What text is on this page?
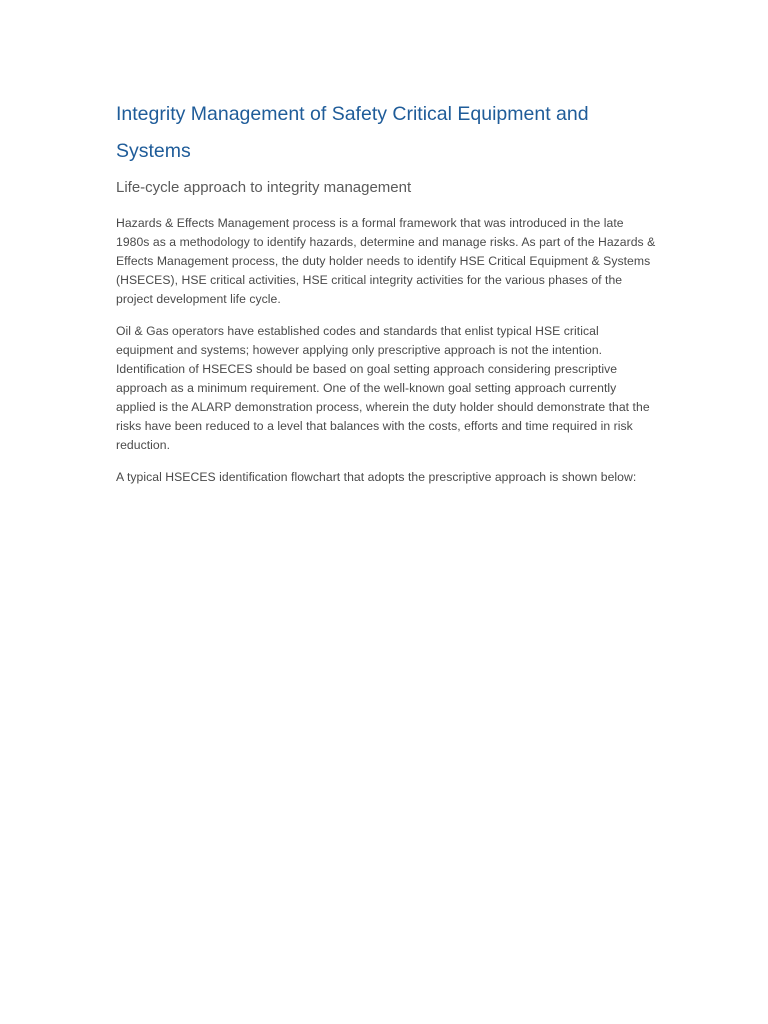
Integrity Management of Safety Critical Equipment and Systems
Life-cycle approach to integrity management

Hazards & Effects Management process is a formal framework that was introduced in the late 1980s as a methodology to identify hazards, determine and manage risks. As part of the Hazards & Effects Management process, the duty holder needs to identify HSE Critical Equipment & Systems (HSECES), HSE critical activities, HSE critical integrity activities for the various phases of the project development life cycle.

Oil & Gas operators have established codes and standards that enlist typical HSE critical equipment and systems; however applying only prescriptive approach is not the intention. Identification of HSECES should be based on goal setting approach considering prescriptive approach as a minimum requirement. One of the well-known goal setting approach currently applied is the ALARP demonstration process, wherein the duty holder should demonstrate that the risks have been reduced to a level that balances with the costs, efforts and time required in risk reduction.

A typical HSECES identification flowchart that adopts the prescriptive approach is shown below:
